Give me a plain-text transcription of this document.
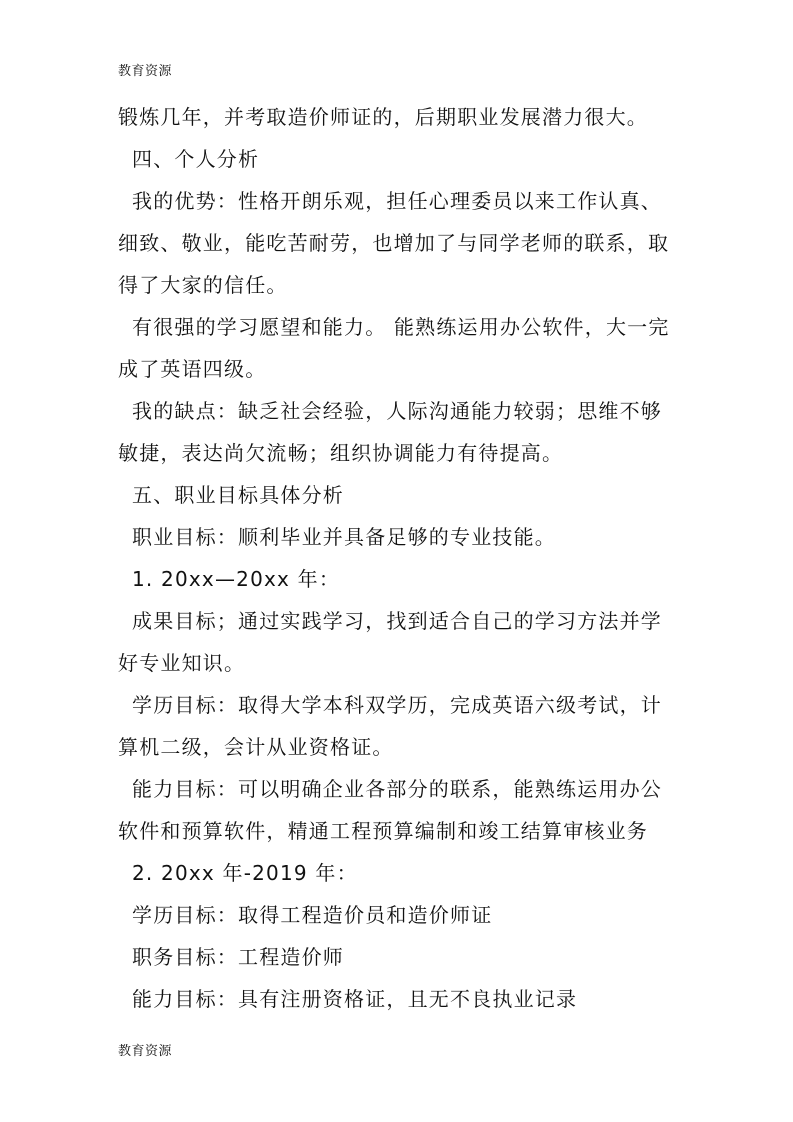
教育资源
锻炼几年，并考取造价师证的，后期职业发展潜力很大。
四、个人分析
我的优势：性格开朗乐观，担任心理委员以来工作认真、
细致、敬业，能吃苦耐劳，也增加了与同学老师的联系，取
得了大家的信任。
有很强的学习愿望和能力。 能熟练运用办公软件，大一完
成了英语四级。
我的缺点：缺乏社会经验，人际沟通能力较弱；思维不够
敏捷，表达尚欠流畅；组织协调能力有待提高。
五、职业目标具体分析
职业目标：顺利毕业并具备足够的专业技能。
1. 20xx—20xx 年：
成果目标；通过实践学习，找到适合自己的学习方法并学
好专业知识。
学历目标：取得大学本科双学历，完成英语六级考试，计
算机二级，会计从业资格证。
能力目标：可以明确企业各部分的联系，能熟练运用办公
软件和预算软件，精通工程预算编制和竣工结算审核业务
2. 20xx 年-2019 年：
学历目标：取得工程造价员和造价师证
职务目标：工程造价师
能力目标：具有注册资格证，且无不良执业记录
教育资源
